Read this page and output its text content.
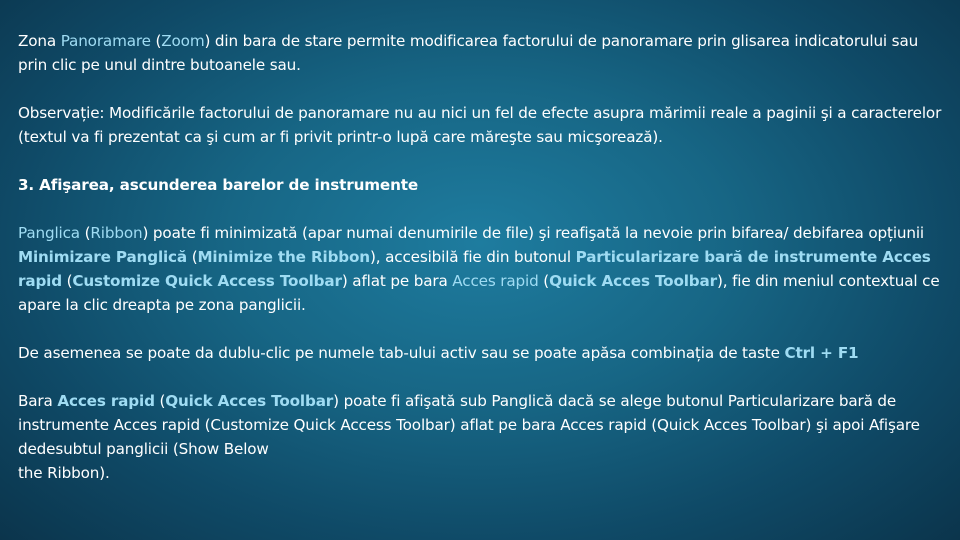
Zona Panoramare (Zoom) din bara de stare permite modificarea factorului de panoramare prin glisarea indicatorului sau prin clic pe unul dintre butoanele sau.

Observație: Modificările factorului de panoramare nu au nici un fel de efecte asupra mărimii reale a paginii şi a caracterelor (textul va fi prezentat ca şi cum ar fi privit printr-o lupă care măreşte sau micşorează).

3. Afişarea, ascunderea barelor de instrumente

Panglica (Ribbon) poate fi minimizată (apar numai denumirile de file) şi reafişată la nevoie prin bifarea/ debifarea opțiunii Minimizare Panglică (Minimize the Ribbon), accesibilă fie din butonul Particularizare bară de instrumente Acces rapid (Customize Quick Access Toolbar) aflat pe bara Acces rapid (Quick Acces Toolbar), fie din meniul contextual ce apare la clic dreapta pe zona panglicii.

De asemenea se poate da dublu-clic pe numele tab-ului activ sau se poate apăsa combinația de taste Ctrl + F1

Bara Acces rapid (Quick Acces Toolbar) poate fi afişată sub Panglică dacă se alege butonul Particularizare bară de instrumente Acces rapid (Customize Quick Access Toolbar) aflat pe bara Acces rapid (Quick Acces Toolbar) şi apoi Afişare dedesubtul panglicii (Show Below
the Ribbon).
